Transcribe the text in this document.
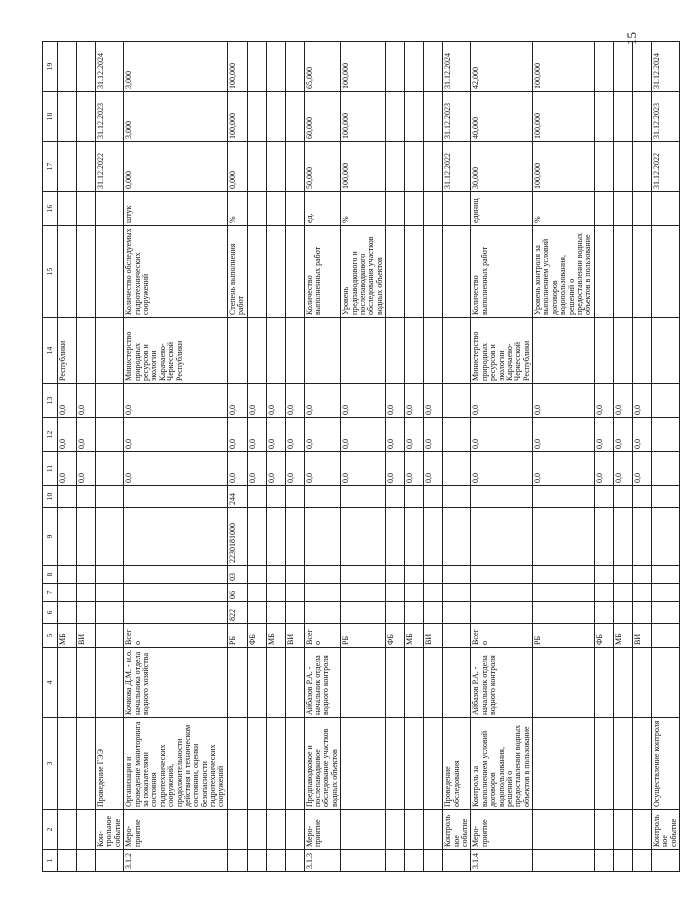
15
1	2	3	4	5	6	7	8	9	10	11	12	13	14	15	16	17	18	19
				МБ						0,0	0,0	0,0	Республики					
				ВИ						0,0	0,0	0,0						
	Кон-трольное событие	Проведение ГЭЭ														31.12.2022	31.12.2023	31.12.2024
3.1.2	Меро-приятие	Организация и проведение мониторинга за показателями состояния гидротехнических сооружений, продолжительности действия и техническом состоянии, оценки безопасности гидротехнических сооружений	Кочкова Д.М. - и.о. начальника отдела водного хозяйства	Всего						0,0	0,0	0,0	Министерство природных ресурсов и экологии Карачаево-Черкесской Республики	Количество обследуемых гидротехнических сооружений	штук	0,000	3,000	3,000
				РБ	822	06	03	2230181000	244	0,0	0,0	0,0		Степень выполнения работ	%	0,000	100,000	100,000
				ФБ						0,0	0,0	0,0						
				МБ						0,0	0,0	0,0						
				ВИ						0,0	0,0	0,0						
3.1.3	Меро-приятие	Предпаводковое и послепаводковое обследование участков водных объектов	Айбазов Р.А. - начальник отдела водного контроля	Всего						0,0	0,0	0,0		Количество выполненных работ	ед.	50,000	60,000	65,000
				РБ						0,0	0,0	0,0		Уровень предпаводкового и послепаводкового обследования участков водных объектов	%	100,000	100,000	100,000
				ФБ						0,0	0,0	0,0						
				МБ						0,0	0,0	0,0						
				ВИ						0,0	0,0	0,0						
	Контрольное событие	Проведение обследования														31.12.2022	31.12.2023	31.12.2024
3.1.4	Меро-приятие	Контроль за выполнением условий договоров водопользования, решений о предоставлении водных объектов в пользование	Айбазов Р.А. - начальник отдела водного контроля	Всего						0,0	0,0	0,0	Министерство природных ресурсов и экологии Карачаево-Черкесской Республики	Количество выполненных работ	единиц	30,000	40,000	42,000
				РБ						0,0	0,0	0,0		Уровень контроля за выполнением условий договоров водопользования, решений о предоставлении водных объектов в пользование	%	100,000	100,000	100,000
				ФБ						0,0	0,0	0,0						
				МБ						0,0	0,0	0,0						
				ВИ						0,0	0,0	0,0						
	Контрольное событие	Осуществление контроля														31.12.2022	31.12.2023	31.12.2024
